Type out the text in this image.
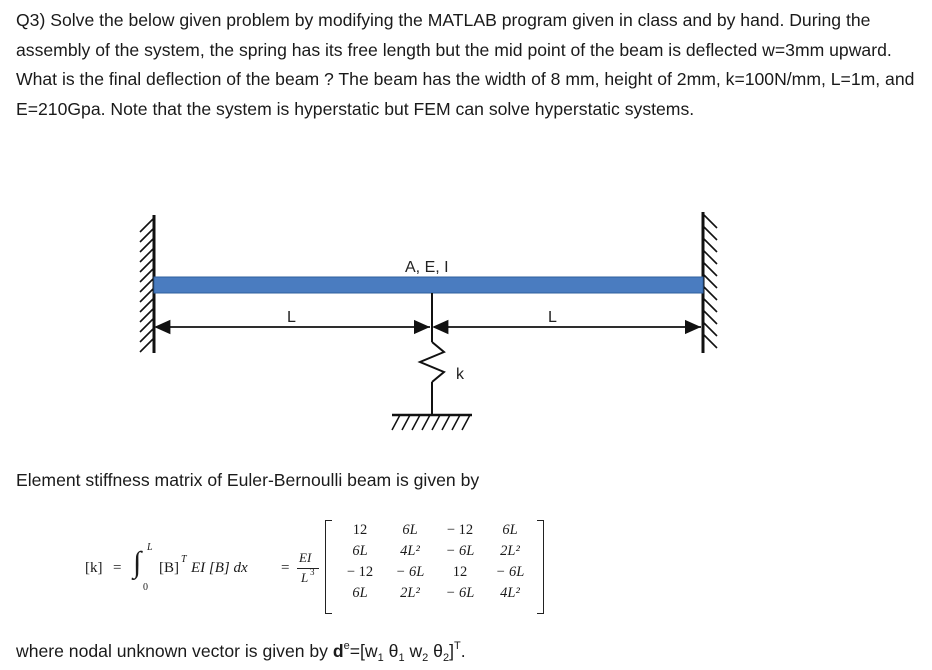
Q3) Solve the below given problem by modifying the MATLAB program given in class and by hand. During the assembly of the system, the spring has its free length but the mid point of the beam is deflected w=3mm upward. What is the final deflection of the beam ? The beam has the width of 8 mm, height of 2mm, k=100N/mm, L=1m, and E=210Gpa. Note that the system is hyperstatic but FEM can solve hyperstatic systems.

A, E, I
L	L
k
Element stiffness matrix of Euler-Bernoulli beam is given by
[k] = ∫ L
0
[B]
T
EI [B] dx =
EI
L 3
12	6L	− 12	6L
6L	4L²	− 6L	2L²
− 12	− 6L	12	− 6L
6L	2L²	− 6L	4L²
where nodal unknown vector is given by $d^e=[w_1$ $\theta_1$ $w_2$ $\theta_2]^T$.
